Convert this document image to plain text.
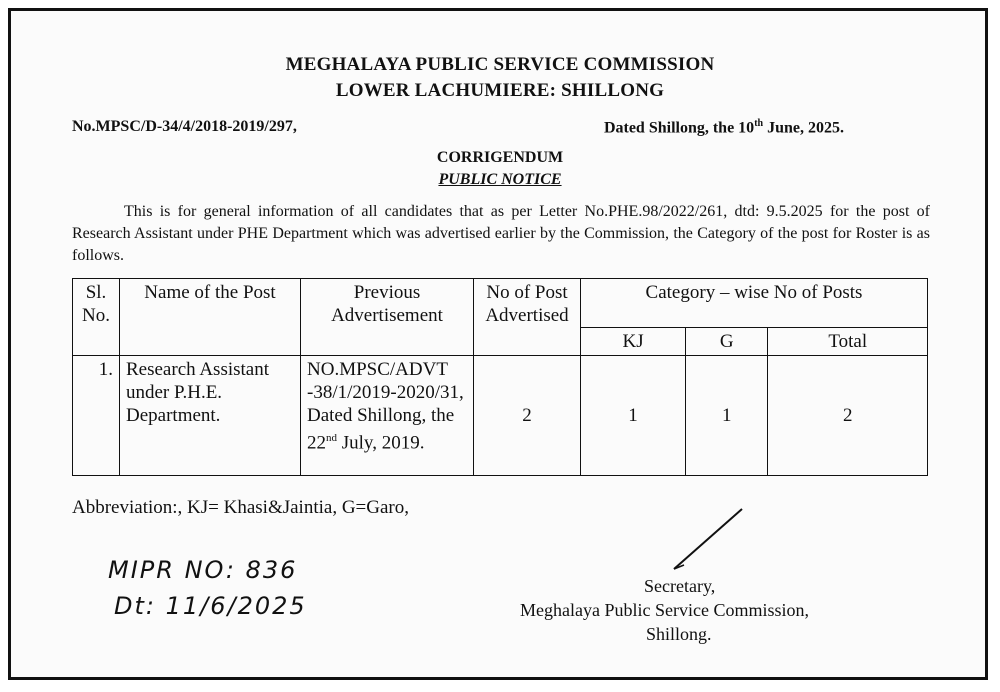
MEGHALAYA PUBLIC SERVICE COMMISSION
LOWER LACHUMIERE: SHILLONG
No.MPSC/D-34/4/2018-2019/297,	Dated Shillong, the 10th June, 2025.
CORRIGENDUM
PUBLIC NOTICE
This is for general information of all candidates that as per Letter No.PHE.98/2022/261, dtd: 9.5.2025 for the post of Research Assistant under PHE Department which was advertised earlier by the Commission, the Category of the post for Roster is as follows.
Sl. No.	Name of the Post	Previous Advertisement	No of Post Advertised	Category – wise No of Posts		
				KJ	G	Total
1.	Research Assistant under P.H.E. Department.	NO.MPSC/ADVT -38/1/2019-2020/31, Dated Shillong, the 22nd July, 2019.	2	1	1	2
Abbreviation:, KJ= Khasi&Jaintia, G=Garo,
Secretary,
Meghalaya Public Service Commission,
Shillong.
MIPR NO: 836
Dt: 11/6/2025
